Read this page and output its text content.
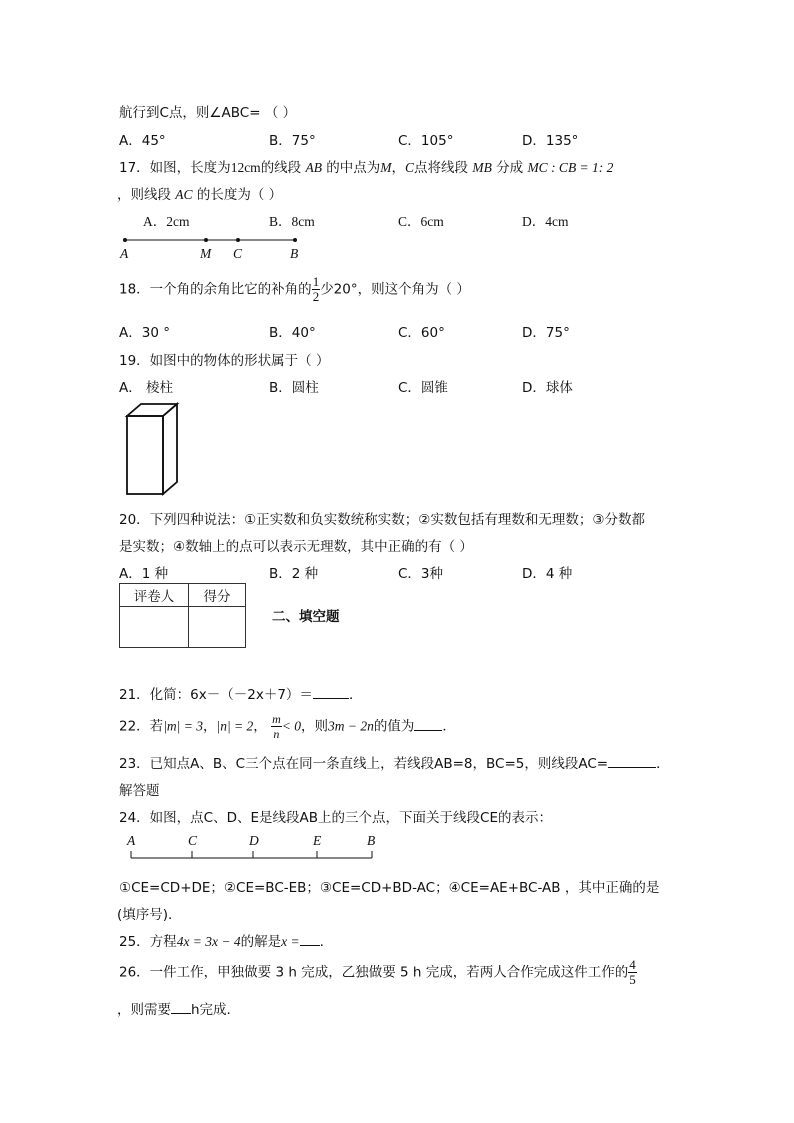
航行到C点，则∠ABC= （ ）
A．45°	B．75°	C．105°	D．135°
17．如图，长度为12cm的线段 AB 的中点为M，C点将线段 MB 分成 MC : CB = 1: 2
，则线段 AC 的长度为（ ）
A．2cm	B．8cm	C．6cm	D．4cm
A	M C	B
18．一个角的余角比它的补角的 $\frac{1}{2}$ 少20°，则这个角为（ ）
A．30 °	B．40°	C．60°	D．75°
19．如图中的物体的形状属于（ ）
A． 棱柱	B．圆柱	C．圆锥	D．球体
20．下列四种说法：①正实数和负实数统称实数；②实数包括有理数和无理数；③分数都
是实数；④数轴上的点可以表示无理数，其中正确的有（ ）
A．1 种	B．2 种	C．3种	D．4 种
评卷人	得分

二、填空题
21．化简：6x－（－2x＋7）＝	．
22．若|m| = 3，|n| = 2， $\frac{m}{n} < 0$，则3m − 2n的值为 ．
23．已知点A、B、C三个点在同一条直线上，若线段AB=8，BC=5，则线段AC=	．
解答题
24．如图，点C、D、E是线段AB上的三个点，下面关于线段CE的表示：
A	C	D	E	B
①CE=CD+DE；②CE=BC-EB；③CE=CD+BD-AC；④CE=AE+BC-AB ，其中正确的是
(填序号).
25．方程4x = 3x − 4的解是x = .
26．一件工作，甲独做要 3 h 完成，乙独做要 5 h 完成，若两人合作完成这件工作的 $\frac{4}{5}$
，则需要 h完成.
